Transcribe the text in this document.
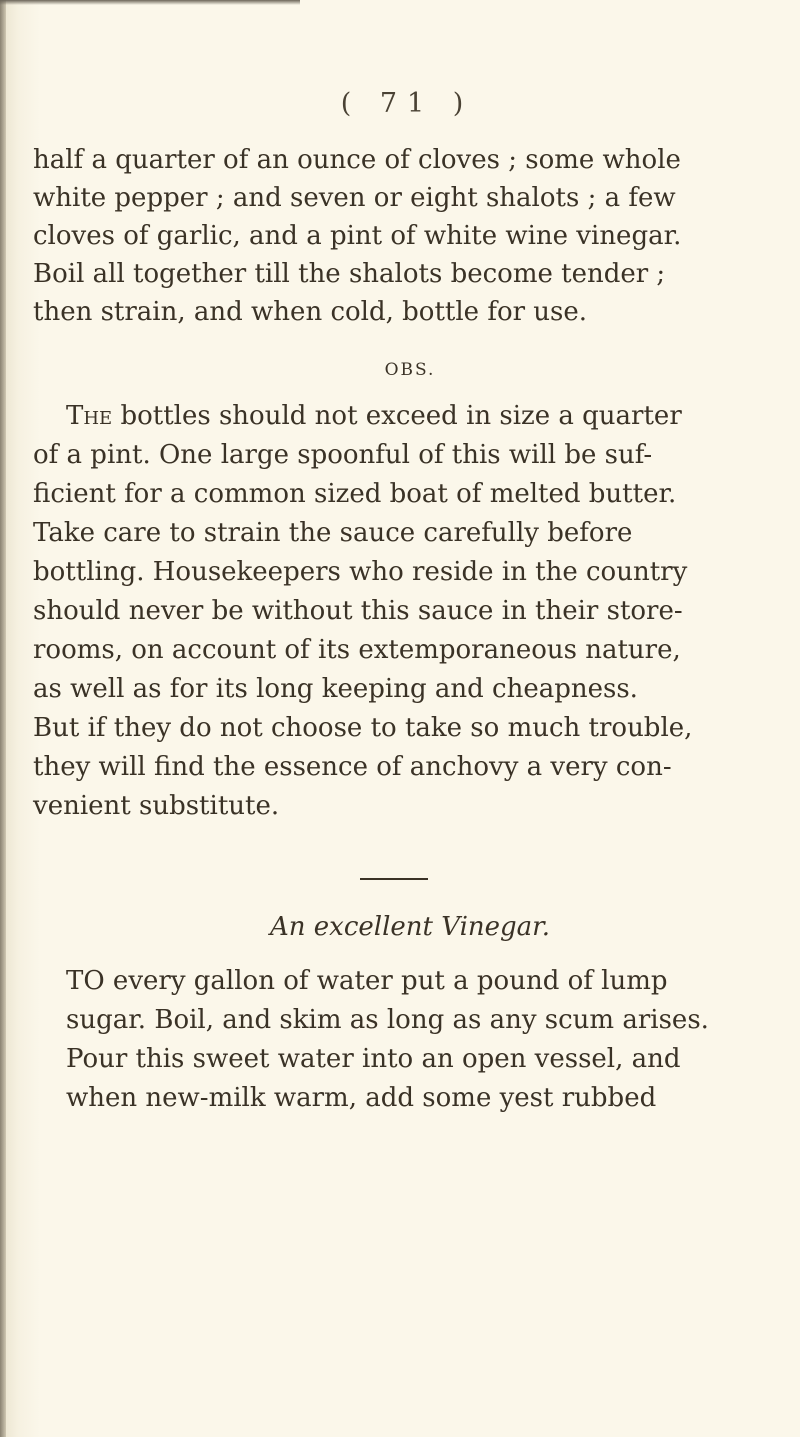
( 71 )
half a quarter of an ounce of cloves ; some whole
white pepper ; and seven or eight shalots ; a few
cloves of garlic, and a pint of white wine vinegar.
Boil all together till the shalots become tender ;
then strain, and when cold, bottle for use.
OBS.
The bottles should not exceed in size a quarter
of a pint. One large spoonful of this will be suf-
ficient for a common sized boat of melted butter.
Take care to strain the sauce carefully before
bottling. Housekeepers who reside in the country
should never be without this sauce in their store-
rooms, on account of its extemporaneous nature,
as well as for its long keeping and cheapness.
But if they do not choose to take so much trouble,
they will find the essence of anchovy a very con-
venient substitute.
An excellent Vinegar.
TO every gallon of water put a pound of lump
sugar. Boil, and skim as long as any scum arises.
Pour this sweet water into an open vessel, and
when new-milk warm, add some yest rubbed
